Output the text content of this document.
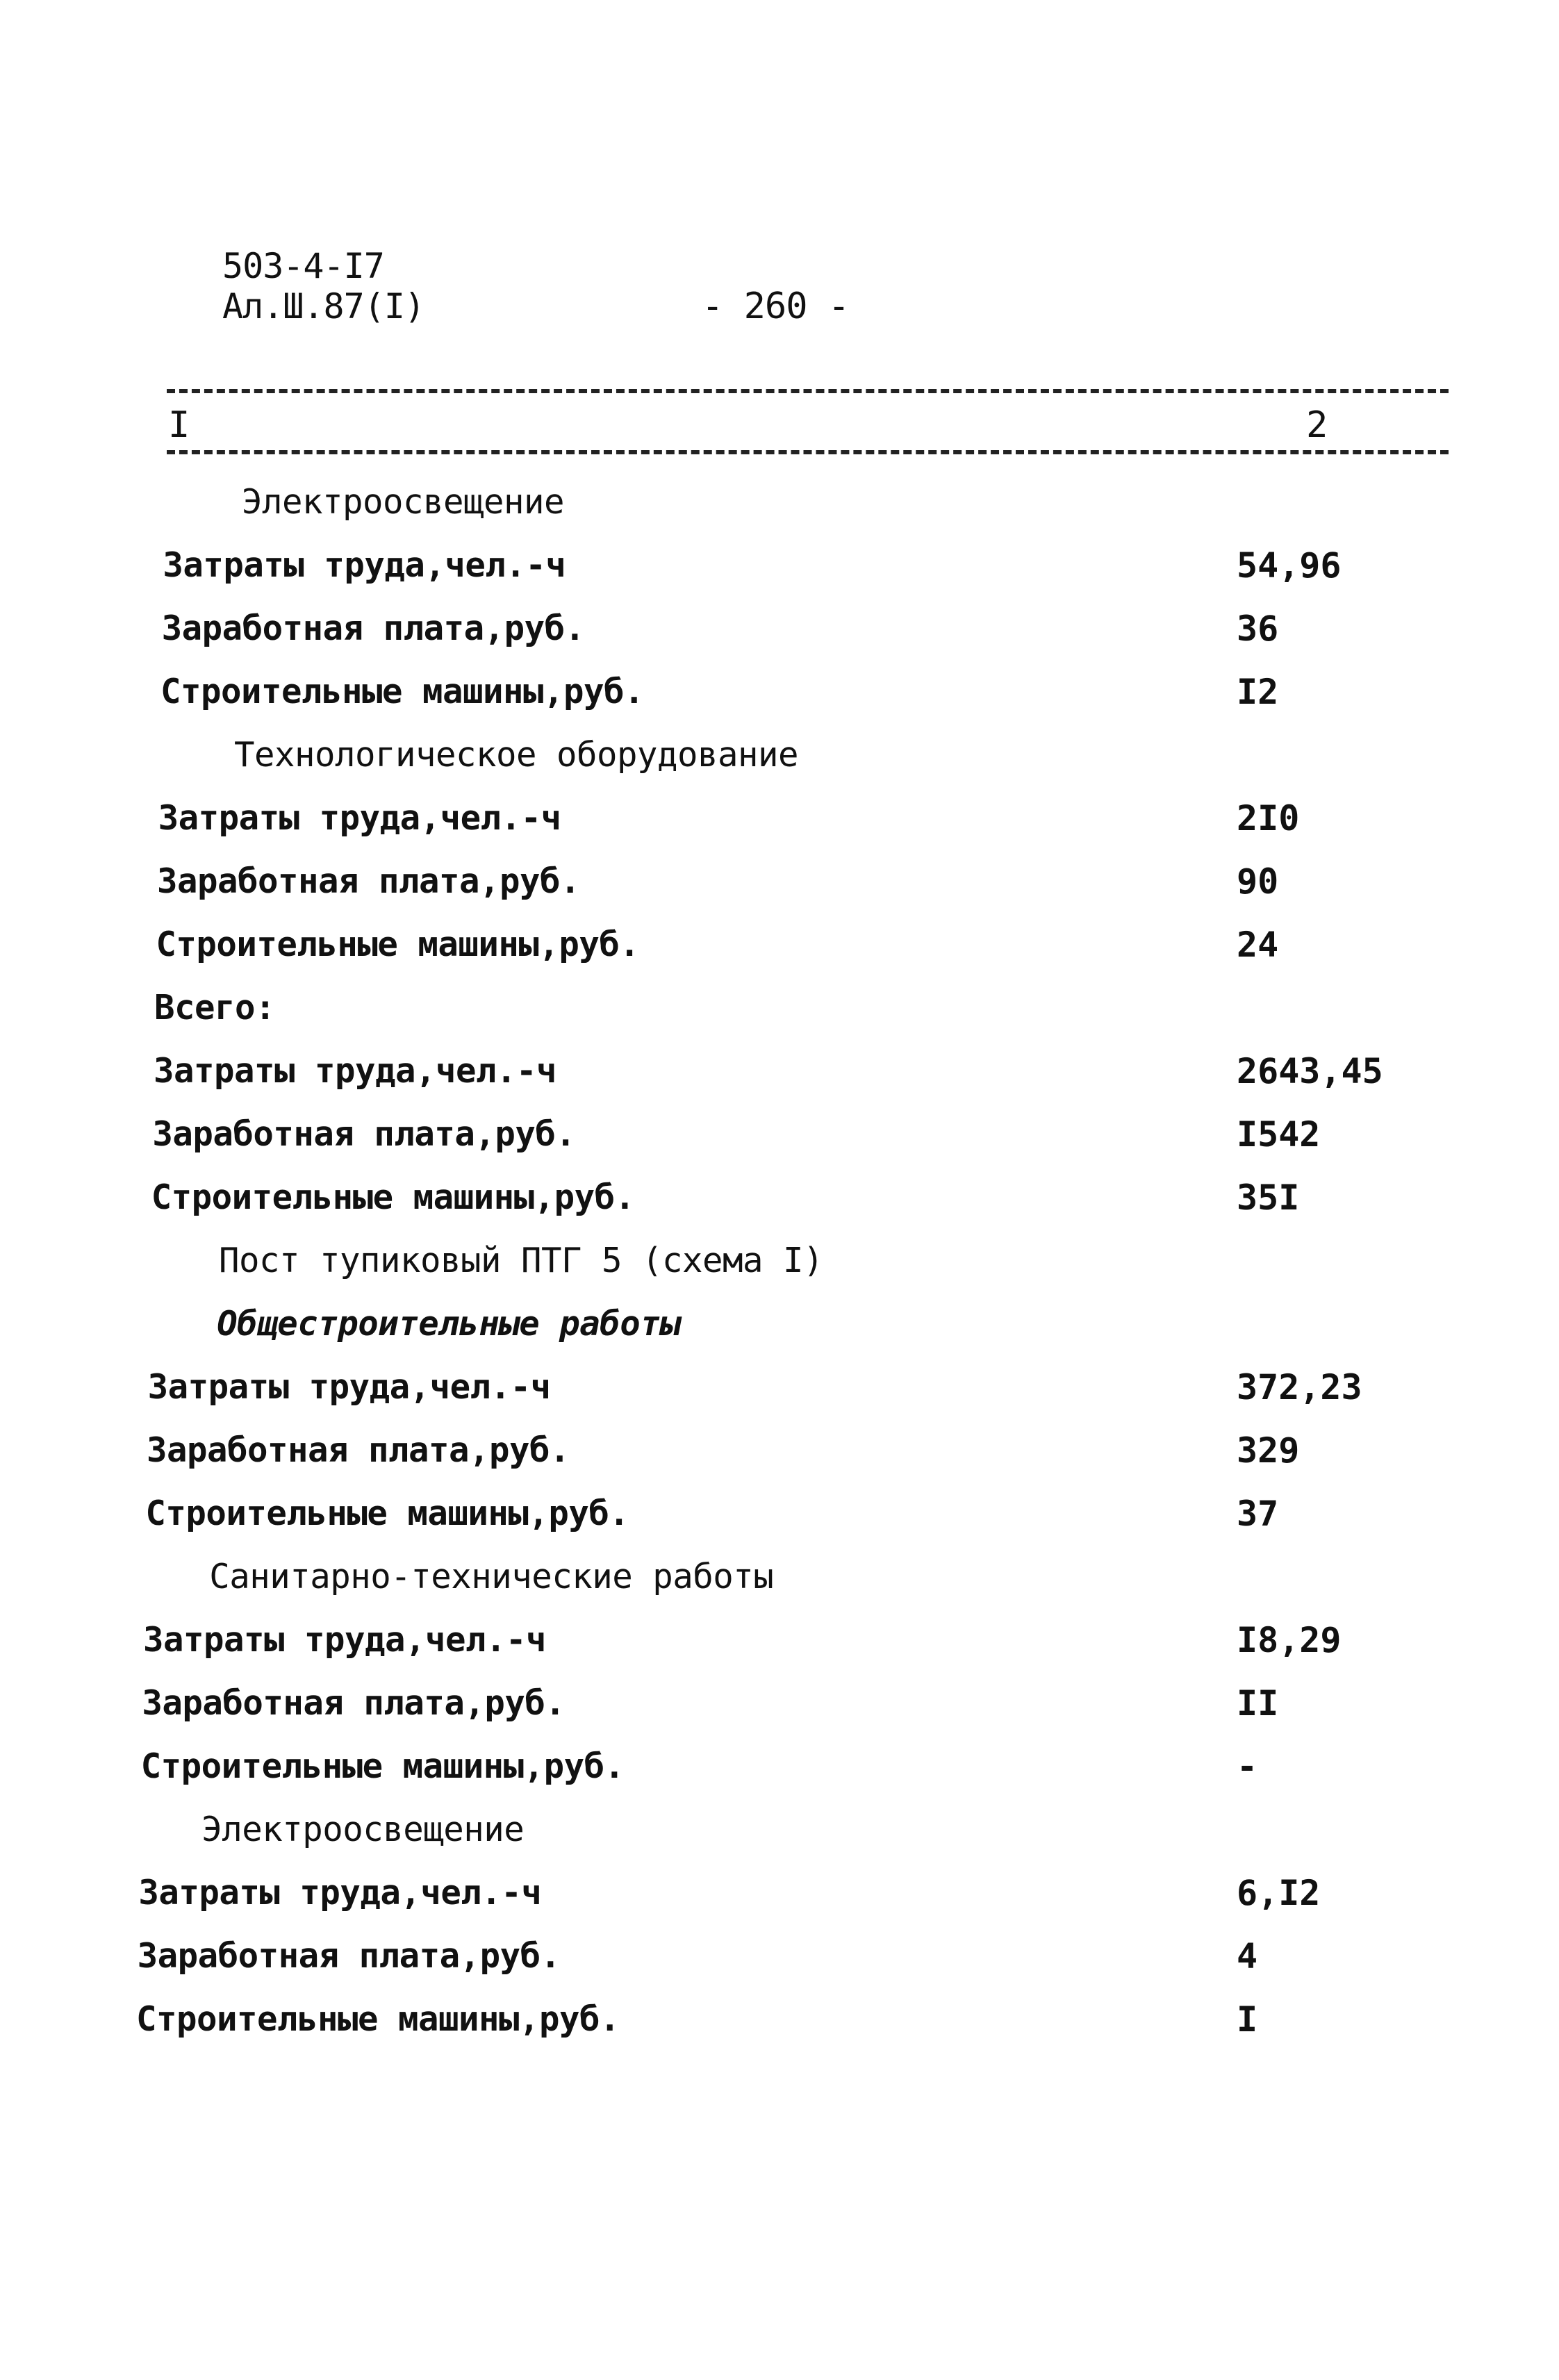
503-4-I7
Ал.Ш.87(I)	- 260 -
I	2
Электроосвещение
Затраты труда,чел.-ч	54,96
Заработная плата,руб.	36
Строительные машины,руб.	I2
Технологическое оборудование
Затраты труда,чел.-ч	2I0
Заработная плата,руб.	90
Строительные машины,руб.	24
Всего:
Затраты труда,чел.-ч	2643,45
Заработная плата,руб.	I542
Строительные машины,руб.	35I
Пост тупиковый ПТГ 5 (схема I)
Общестроительные работы
Затраты труда,чел.-ч	372,23
Заработная плата,руб.	329
Строительные машины,руб.	37
Санитарно-технические работы
Затраты труда,чел.-ч	I8,29
Заработная плата,руб.	II
Строительные машины,руб.	-
Электроосвещение
Затраты труда,чел.-ч	6,I2
Заработная плата,руб.	4
Строительные машины,руб.	I
